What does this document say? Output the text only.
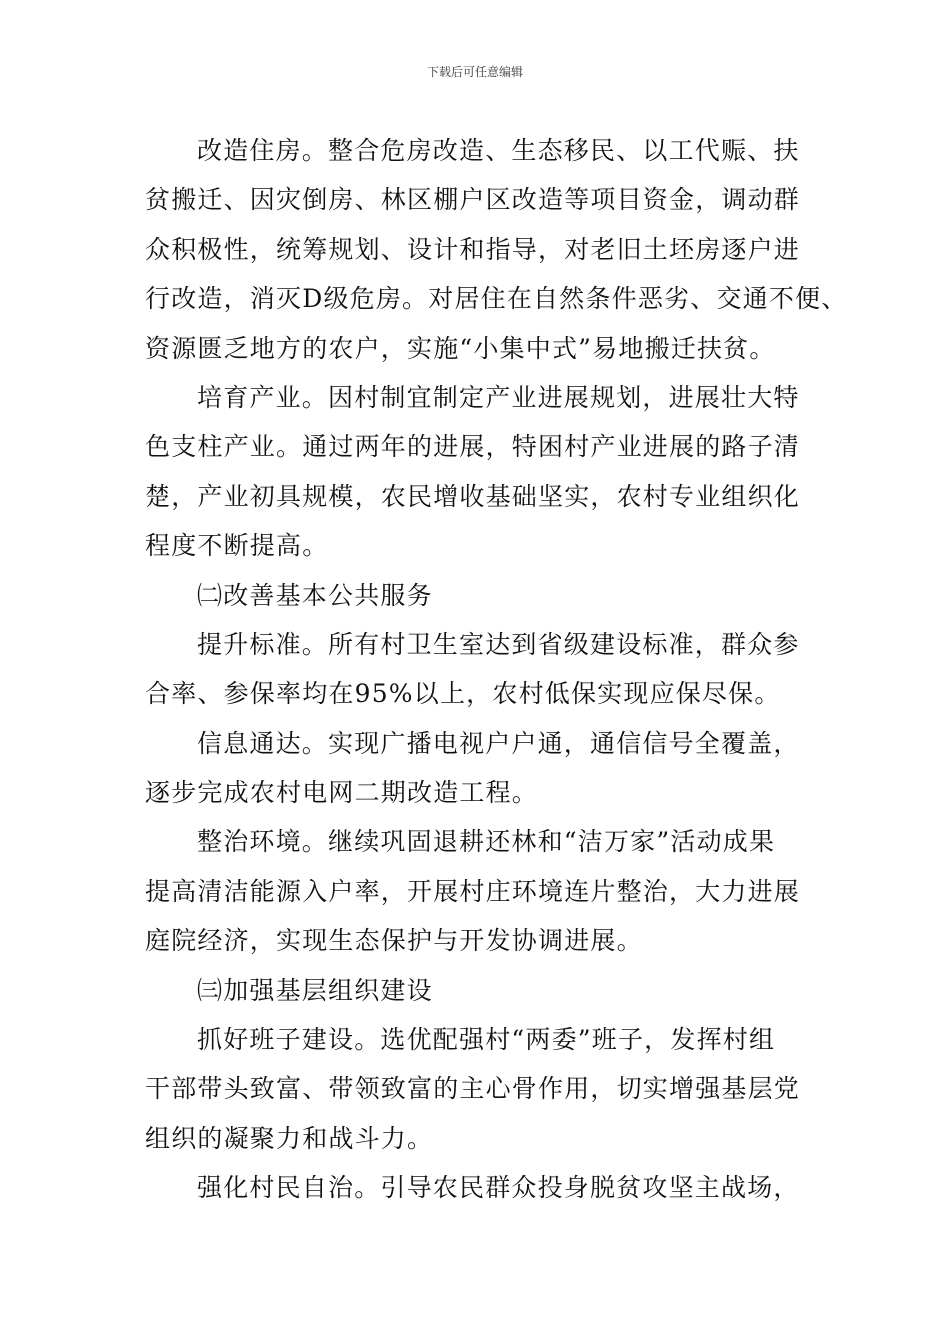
下载后可任意编辑
改造住房。整合危房改造、生态移民、以工代赈、扶
贫搬迁、因灾倒房、林区棚户区改造等项目资金，调动群
众积极性，统筹规划、设计和指导，对老旧土坯房逐户进
行改造，消灭D级危房。对居住在自然条件恶劣、交通不便、
资源匮乏地方的农户，实施“小集中式”易地搬迁扶贫。
培育产业。因村制宜制定产业进展规划，进展壮大特
色支柱产业。通过两年的进展，特困村产业进展的路子清
楚，产业初具规模，农民增收基础坚实，农村专业组织化
程度不断提高。
㈡改善基本公共服务
提升标准。所有村卫生室达到省级建设标准，群众参
合率、参保率均在95%以上，农村低保实现应保尽保。
信息通达。实现广播电视户户通，通信信号全覆盖，
逐步完成农村电网二期改造工程。
整治环境。继续巩固退耕还林和“洁万家”活动成果
提高清洁能源入户率，开展村庄环境连片整治，大力进展
庭院经济，实现生态保护与开发协调进展。
㈢加强基层组织建设
抓好班子建设。选优配强村“两委”班子，发挥村组
干部带头致富、带领致富的主心骨作用，切实增强基层党
组织的凝聚力和战斗力。
强化村民自治。引导农民群众投身脱贫攻坚主战场，
